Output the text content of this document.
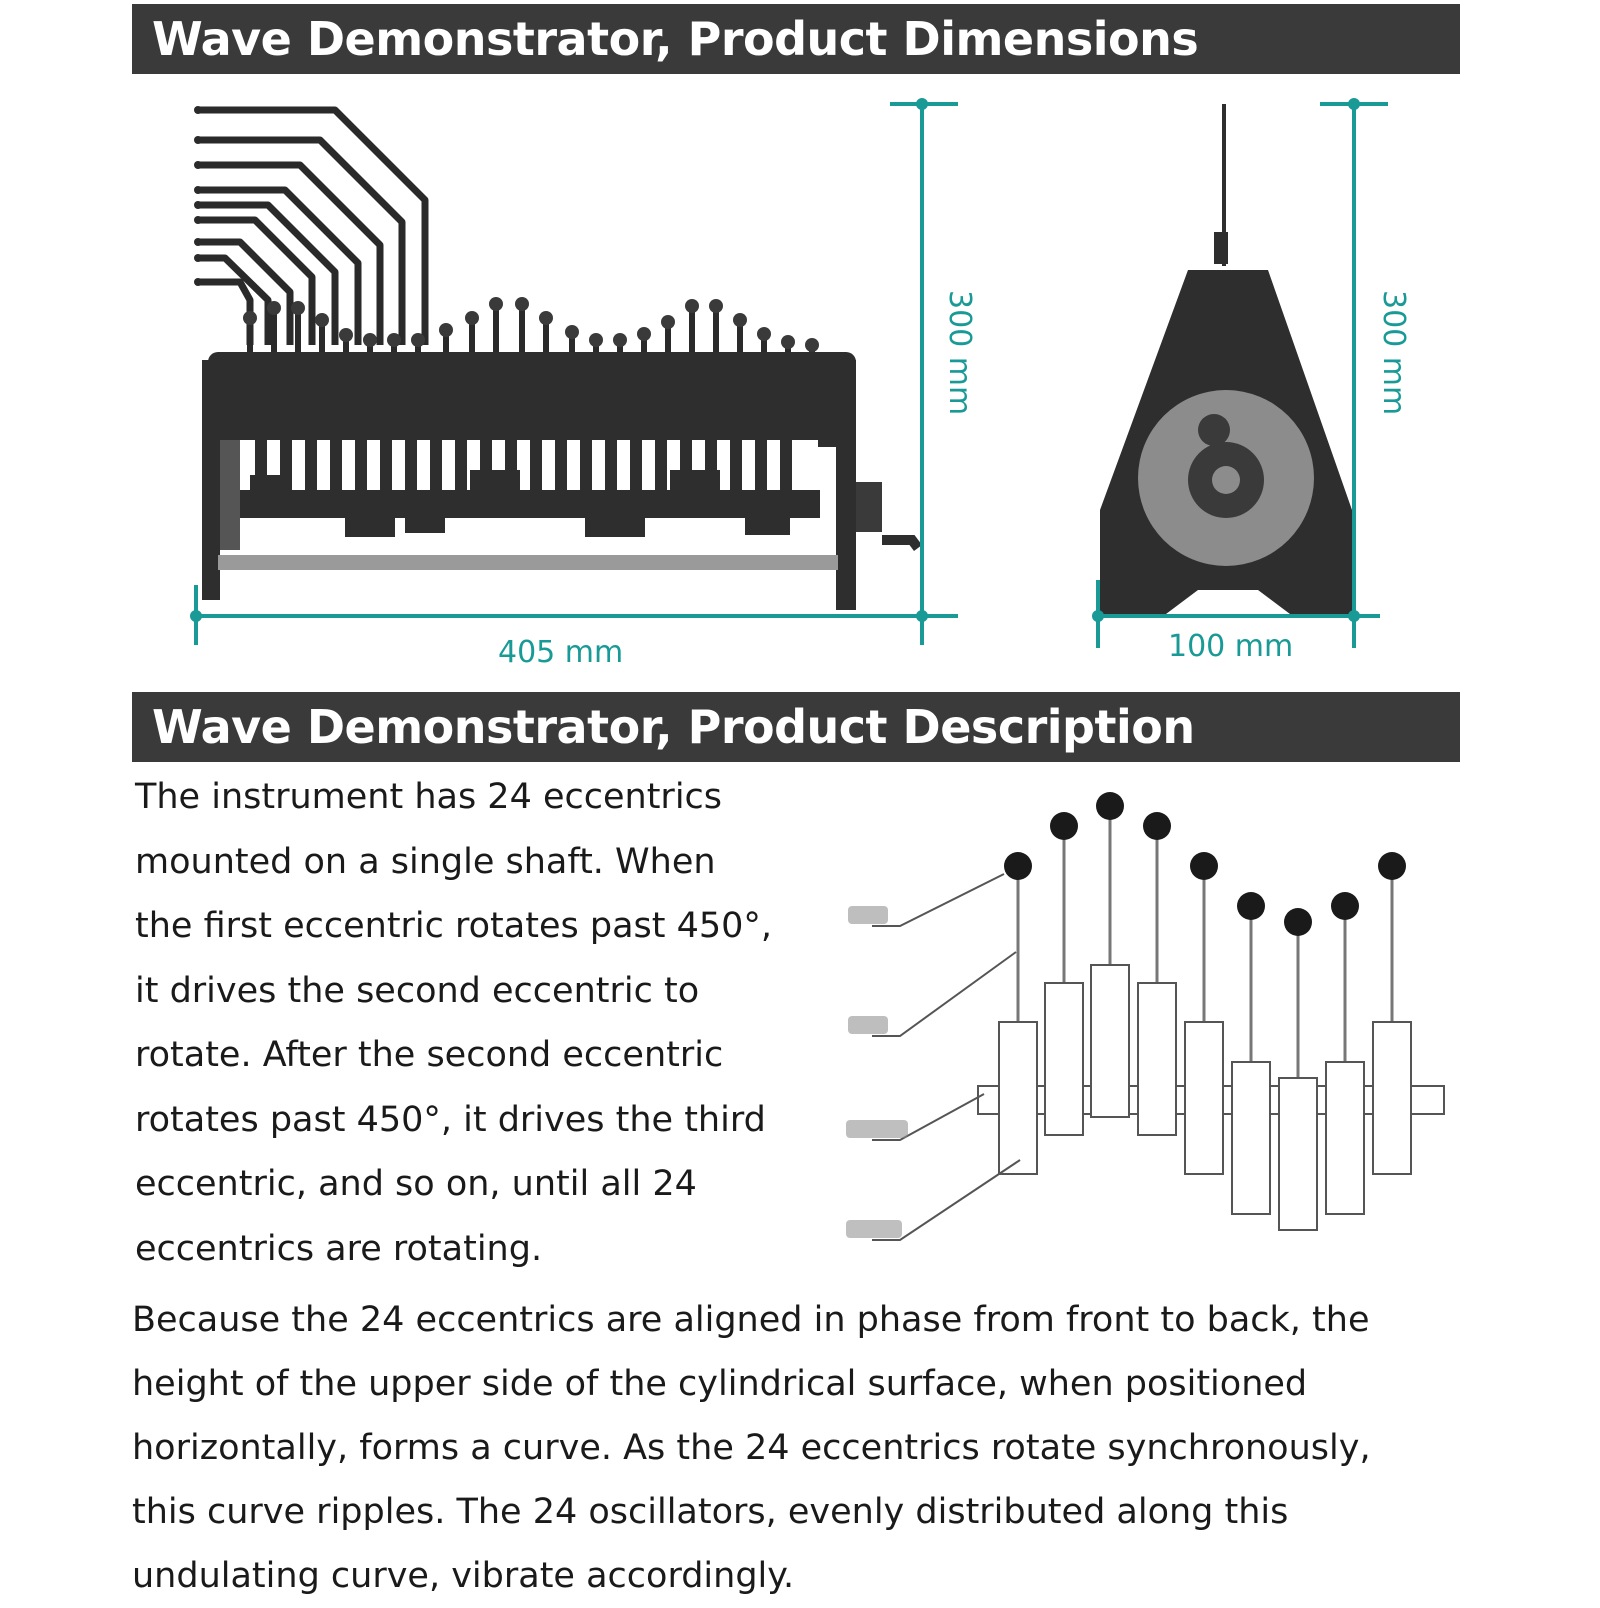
Wave Demonstrator, Product Dimensions
405 mm
300 mm
100 mm
300 mm
Wave Demonstrator, Product Description

The instrument has 24 eccentrics
mounted on a single shaft. When
the first eccentric rotates past 450°,
it drives the second eccentric to
rotate. After the second eccentric
rotates past 450°, it drives the third
eccentric, and so on, until all 24
eccentrics are rotating.

Because the 24 eccentrics are aligned in phase from front to back, the
height of the upper side of the cylindrical surface, when positioned
horizontally, forms a curve. As the 24 eccentrics rotate synchronously,
this curve ripples. The 24 oscillators, evenly distributed along this
undulating curve, vibrate accordingly.
